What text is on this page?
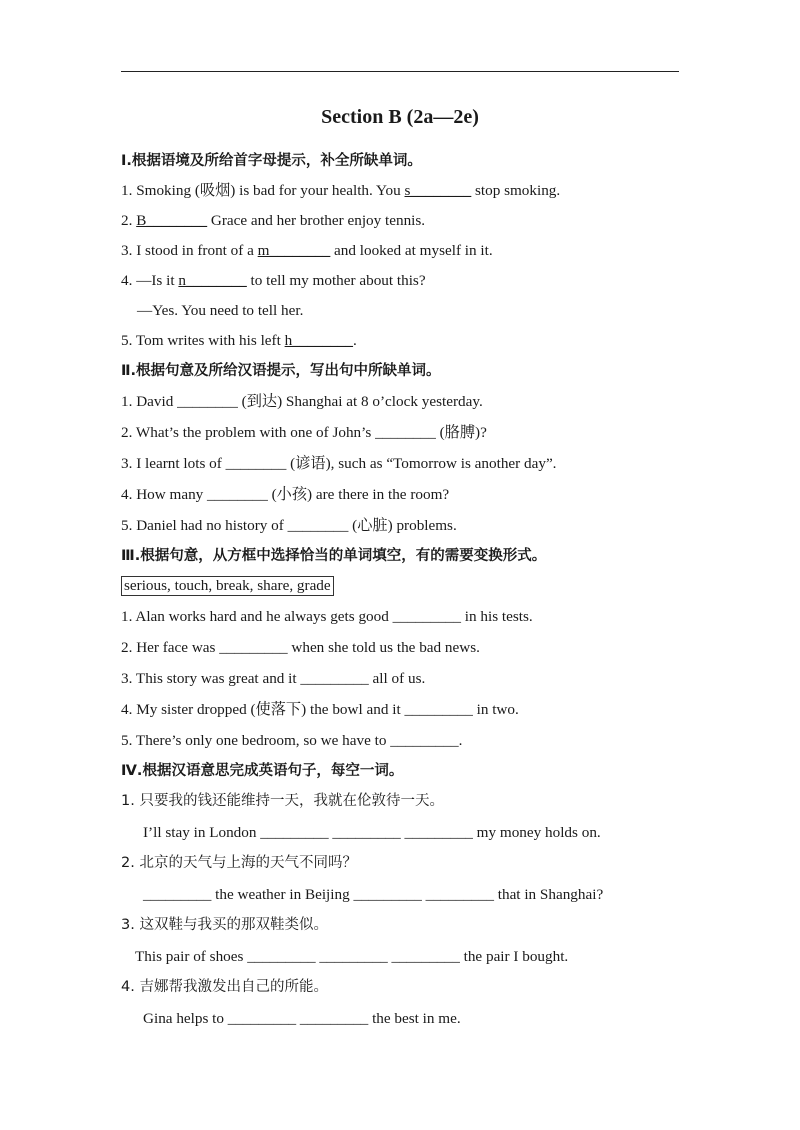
Section B (2a—2e)
Ⅰ.根据语境及所给首字母提示，补全所缺单词。
1. Smoking (吸烟) is bad for your health. You s________ stop smoking.
2. B________ Grace and her brother enjoy tennis.
3. I stood in front of a m________ and looked at myself in it.
4. —Is it n________ to tell my mother about this?
—Yes. You need to tell her.
5. Tom writes with his left h________.
Ⅱ.根据句意及所给汉语提示，写出句中所缺单词。
1. David ________ (到达) Shanghai at 8 o’clock yesterday.
2. What’s the problem with one of John’s ________ (胳膊)?
3. I learnt lots of ________ (谚语), such as “Tomorrow is another day”.
4. How many ________ (小孩) are there in the room?
5. Daniel had no history of ________ (心脏) problems.
Ⅲ.根据句意，从方框中选择恰当的单词填空，有的需要变换形式。
serious, touch, break, share, grade
1. Alan works hard and he always gets good _________ in his tests.
2. Her face was _________ when she told us the bad news.
3. This story was great and it _________ all of us.
4. My sister dropped (使落下) the bowl and it _________ in two.
5. There’s only one bedroom, so we have to _________.
Ⅳ.根据汉语意思完成英语句子，每空一词。
1. 只要我的钱还能维持一天，我就在伦敦待一天。
I’ll stay in London _________ _________ _________ my money holds on.
2. 北京的天气与上海的天气不同吗？
_________ the weather in Beijing _________ _________ that in Shanghai?
3. 这双鞋与我买的那双鞋类似。
This pair of shoes _________ _________ _________ the pair I bought.
4. 吉娜帮我激发出自己的所能。
Gina helps to _________ _________ the best in me.
